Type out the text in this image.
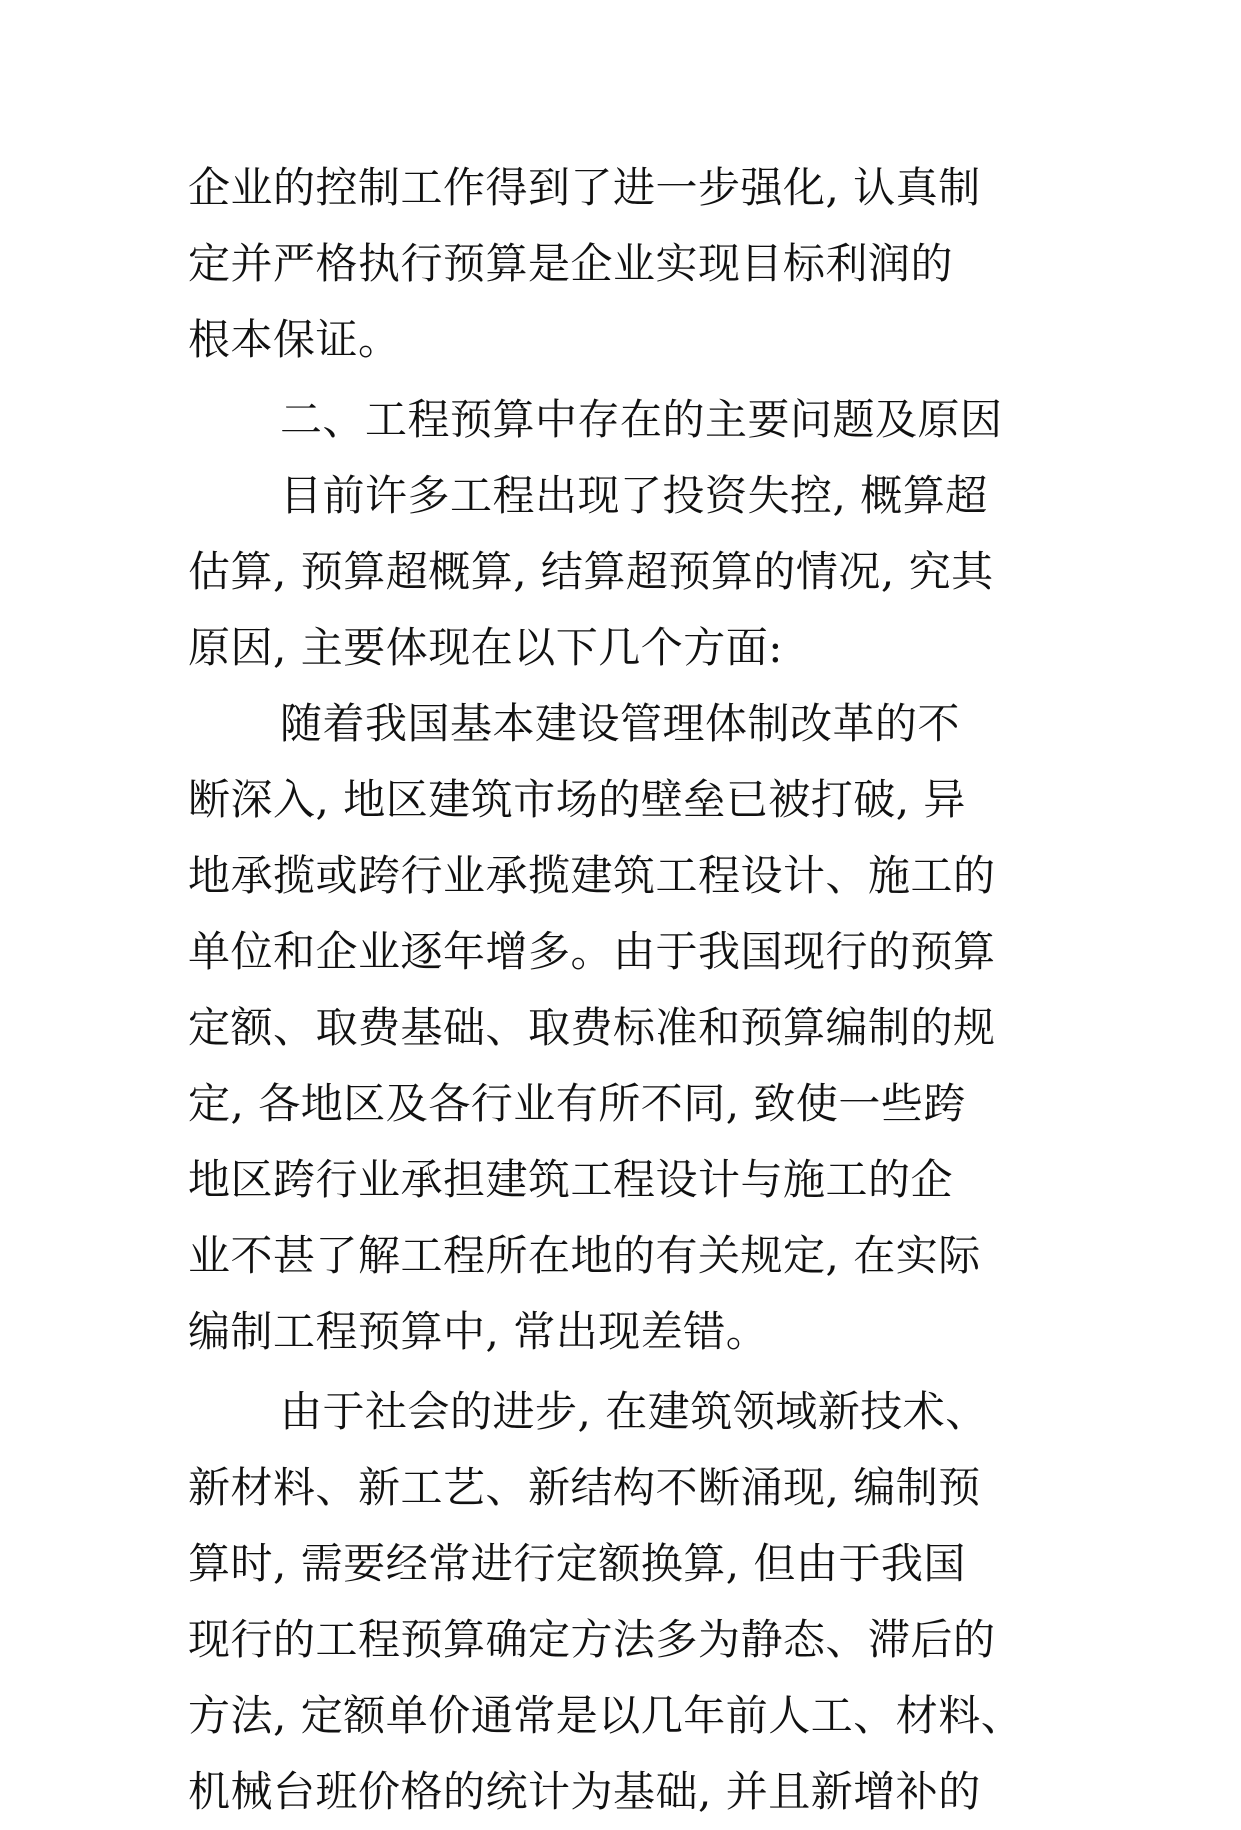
企业的控制工作得到了进一步强化, 认真制
定并严格执行预算是企业实现目标利润的
根本保证。
二、工程预算中存在的主要问题及原因
目前许多工程出现了投资失控, 概算超
估算, 预算超概算, 结算超预算的情况, 究其
原因, 主要体现在以下几个方面:
随着我国基本建设管理体制改革的不
断深入, 地区建筑市场的壁垒已被打破, 异
地承揽或跨行业承揽建筑工程设计、施工的
单位和企业逐年增多。由于我国现行的预算
定额、取费基础、取费标准和预算编制的规
定, 各地区及各行业有所不同, 致使一些跨
地区跨行业承担建筑工程设计与施工的企
业不甚了解工程所在地的有关规定, 在实际
编制工程预算中, 常出现差错。
由于社会的进步, 在建筑领域新技术、
新材料、新工艺、新结构不断涌现, 编制预
算时, 需要经常进行定额换算, 但由于我国
现行的工程预算确定方法多为静态、滞后的
方法, 定额单价通常是以几年前人工、材料、
机械台班价格的统计为基础, 并且新增补的
